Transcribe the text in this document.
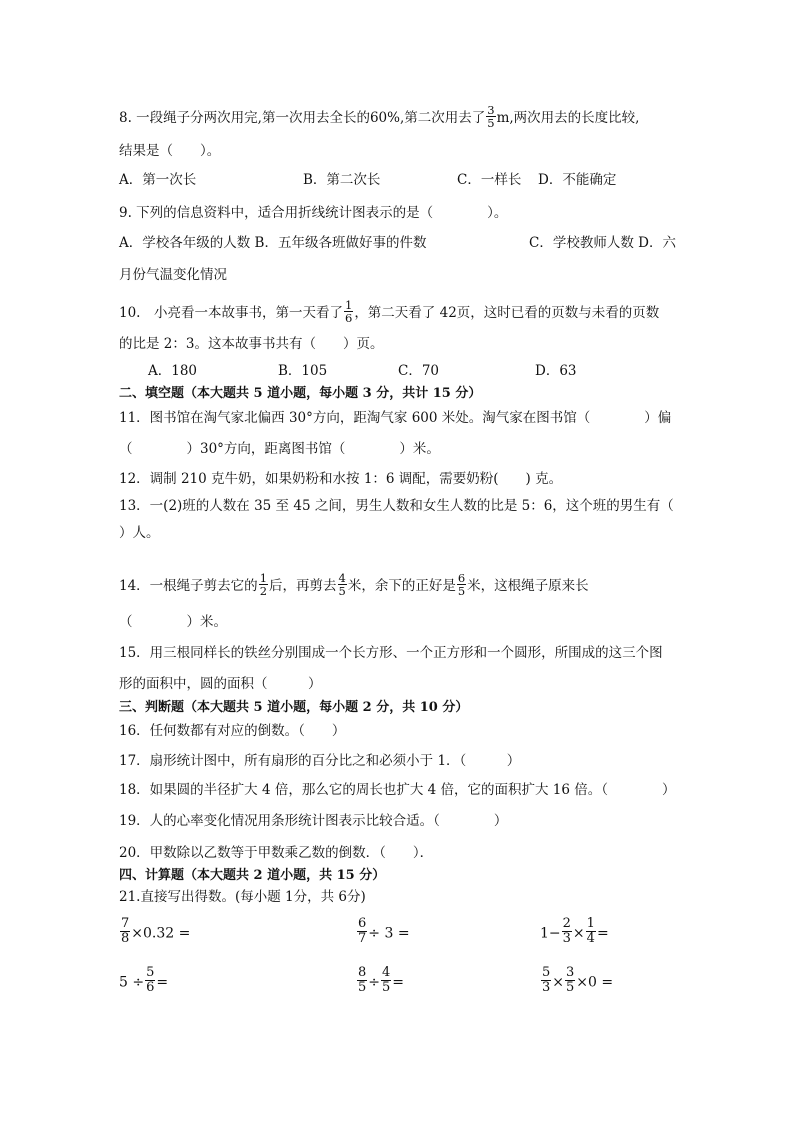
8. 一段绳子分两次用完,第一次用去全长的60%,第二次用去了 $\frac{3}{5} m$,两次用去的长度比较,
结果是（　　）。
A．第一次长	B．第二次长	C．一样长 D．不能确定
9. 下列的信息资料中，适合用折线统计图表示的是（　　　　）。
A．学校各年级的人数 B．五年级各班做好事的件数	C．学校教师人数 D．六
月份气温变化情况
10.　小亮看一本故事书，第一天看了 $\frac{1}{6}$ ，第二天看了 42页，这时已看的页数与未看的页数
的比是 2：3。这本故事书共有（　　）页。
A．180	B．105	C．70	D．63
二、填空题（本大题共 5 道小题，每小题 3 分，共计 15 分）
11．图书馆在淘气家北偏西 30°方向，距淘气家 600 米处。淘气家在图书馆（　　　　）偏
（　　　　）30°方向，距离图书馆（　　　　）米。
12．调制 210 克牛奶，如果奶粉和水按 1：6 调配，需要奶粉(　　) 克。
13．一(2)班的人数在 35 至 45 之间，男生人数和女生人数的比是 5：6，这个班的男生有（
）人。
14．一根绳子剪去它的 $\frac{1}{2}$ 后，再剪去 $\frac{4}{5}$ 米，余下的正好是 $\frac{6}{5}$ 米，这根绳子原来长
（　　　　）米。
15．用三根同样长的铁丝分别围成一个长方形、一个正方形和一个圆形，所围成的这三个图
形的面积中，圆的面积（　　　）
三、判断题（本大题共 5 道小题，每小题 2 分，共 10 分）
16．任何数都有对应的倒数。（　　）
17．扇形统计图中，所有扇形的百分比之和必须小于 1．（　　　）
18．如果圆的半径扩大 4 倍，那么它的周长也扩大 4 倍，它的面积扩大 16 倍。（　　　　）
19．人的心率变化情况用条形统计图表示比较合适。（　　　　）
20．甲数除以乙数等于甲数乘乙数的倒数．（　　）．
四、计算题（本大题共 2 道小题，共 15 分）
21.直接写出得数。(每小题 1分，共 6分)
$\frac{7}{8} \times 0.32$ =	$\frac{6}{7} \div 3$ =	$1- \frac{2}{3} \times \frac{1}{4}$ =
$5 \div \frac{5}{6}$ =	$\frac{8}{5} \div \frac{4}{5}$ =	$\frac{5}{3} \times \frac{3}{5} \times 0$ =
